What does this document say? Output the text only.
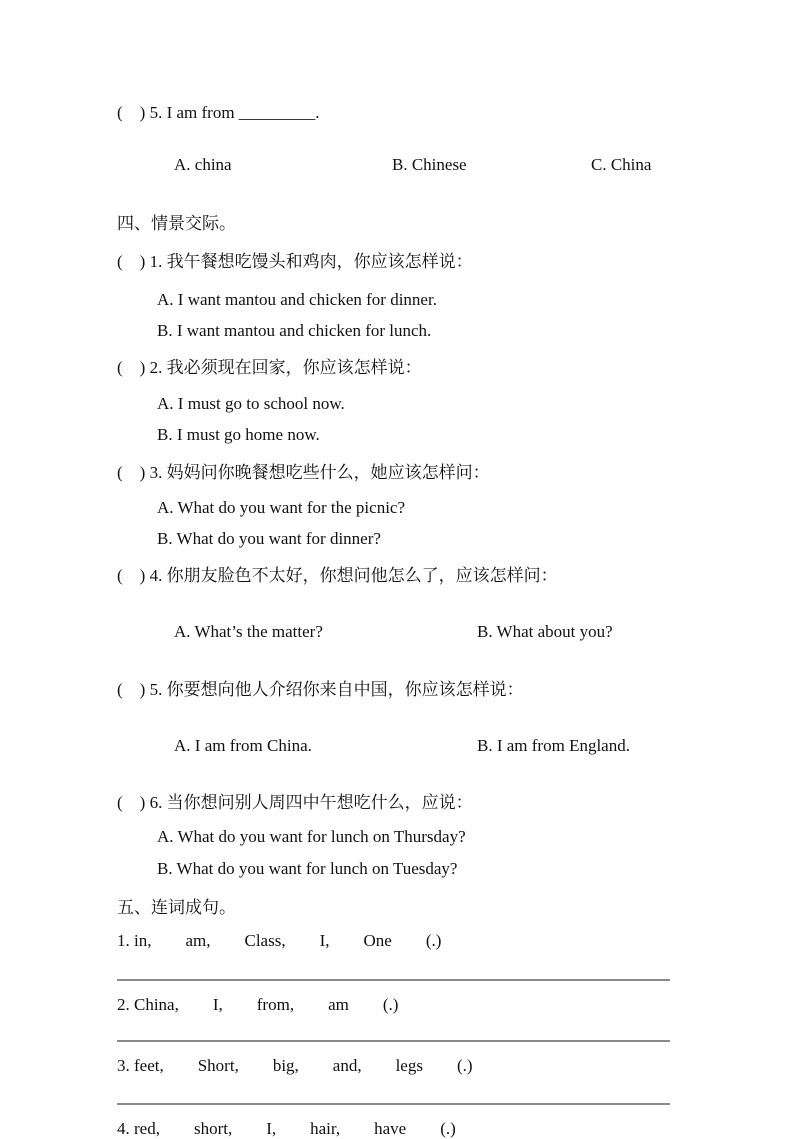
(　) 5. I am from _________.

A. china	B. Chinese	C. China

四、情景交际。
(　) 1. 我午餐想吃馒头和鸡肉，你应该怎样说：
A. I want mantou and chicken for dinner.
B. I want mantou and chicken for lunch.
(　) 2. 我必须现在回家，你应该怎样说：
A. I must go to school now.
B. I must go home now.
(　) 3. 妈妈问你晚餐想吃些什么，她应该怎样问：
A. What do you want for the picnic?
B. What do you want for dinner?
(　) 4. 你朋友脸色不太好，你想问他怎么了，应该怎样问：

A. What’s the matter?	B. What about you?

(　) 5. 你要想向他人介绍你来自中国，你应该怎样说：

A. I am from China.	B. I am from England.

(　) 6. 当你想问别人周四中午想吃什么，应说：
A. What do you want for lunch on Thursday?
B. What do you want for lunch on Tuesday?
五、连词成句。
1. in,　　am,　　Class,　　I,　　One　　(.)
2. China,　　I,　　from,　　am　　(.)
3. feet,　　Short,　　big,　　and,　　legs　　(.)
4. red,　　short,　　I,　　hair,　　have　　(.)
